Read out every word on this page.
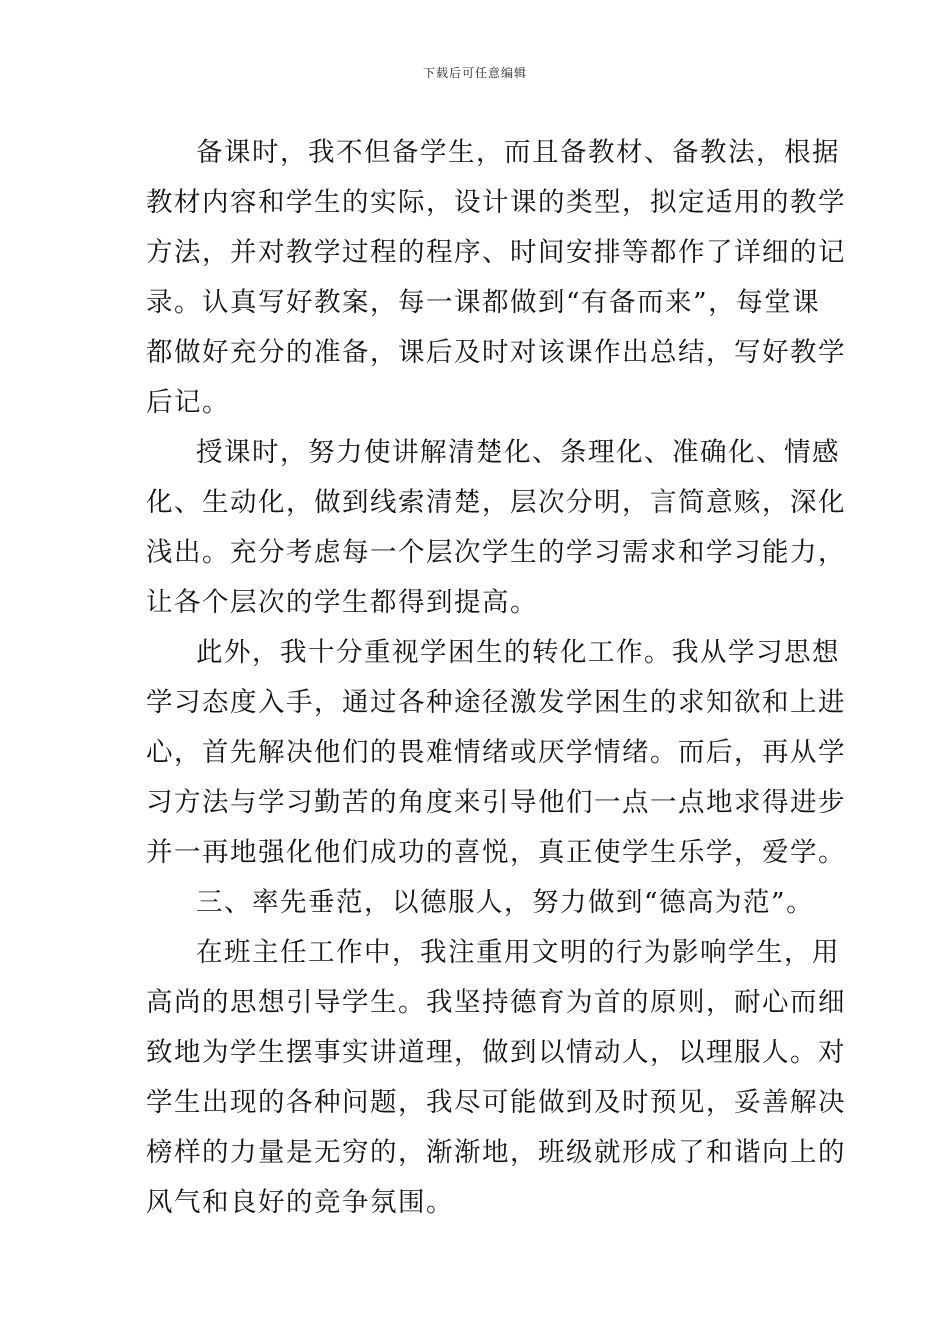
下载后可任意编辑
备课时，我不但备学生，而且备教材、备教法，根据
教材内容和学生的实际，设计课的类型，拟定适用的教学
方法，并对教学过程的程序、时间安排等都作了详细的记
录。认真写好教案，每一课都做到“有备而来”，每堂课
都做好充分的准备，课后及时对该课作出总结，写好教学
后记。
授课时，努力使讲解清楚化、条理化、准确化、情感
化、生动化，做到线索清楚，层次分明，言简意赅，深化
浅出。充分考虑每一个层次学生的学习需求和学习能力，
让各个层次的学生都得到提高。
此外，我十分重视学困生的转化工作。我从学习思想
学习态度入手，通过各种途径激发学困生的求知欲和上进
心，首先解决他们的畏难情绪或厌学情绪。而后，再从学
习方法与学习勤苦的角度来引导他们一点一点地求得进步
并一再地强化他们成功的喜悦，真正使学生乐学，爱学。
三、率先垂范，以德服人，努力做到“德高为范”。
在班主任工作中，我注重用文明的行为影响学生，用
高尚的思想引导学生。我坚持德育为首的原则，耐心而细
致地为学生摆事实讲道理，做到以情动人，以理服人。对
学生出现的各种问题，我尽可能做到及时预见，妥善解决
榜样的力量是无穷的，渐渐地，班级就形成了和谐向上的
风气和良好的竞争氛围。
